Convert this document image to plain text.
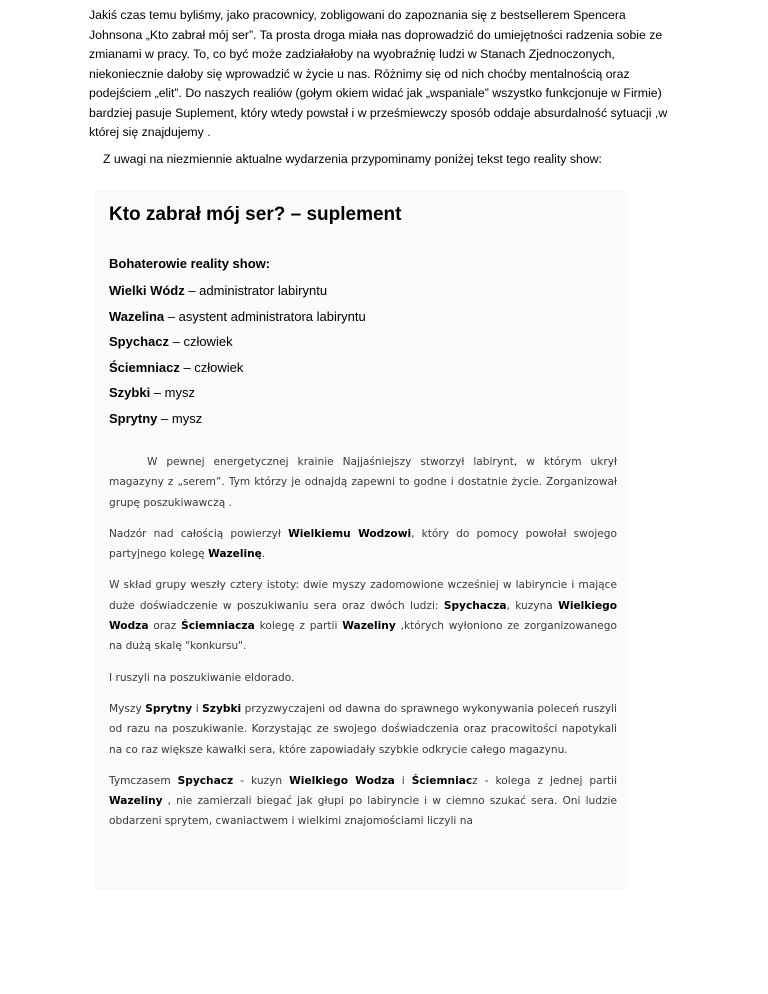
Jakiś czas temu byliśmy, jako pracownicy, zobligowani do zapoznania się z bestsellerem Spencera Johnsona „Kto zabrał mój ser”. Ta prosta droga miała nas doprowadzić do umiejętności radzenia sobie ze zmianami w pracy. To, co być może zadziałałoby na wyobraźnię ludzi w Stanach Zjednoczonych, niekoniecznie dałoby się wprowadzić w życie u nas. Różnimy się od nich choćby mentalnością oraz podejściem „elit”. Do naszych realiów (gołym okiem widać jak „wspaniale” wszystko funkcjonuje w Firmie) bardziej pasuje Suplement, który wtedy powstał i w prześmiewczy sposób oddaje absurdalność sytuacji ,w której się znajdujemy .

Z uwagi na niezmiennie aktualne wydarzenia przypominamy poniżej tekst tego reality show:

Kto zabrał mój ser? – suplement
Bohaterowie reality show:
Wielki Wódz – administrator labiryntu
Wazelina – asystent administratora labiryntu
Spychacz – człowiek
Ściemniacz – człowiek
Szybki – mysz
Sprytny – mysz

W pewnej energetycznej krainie Najjaśniejszy stworzył labirynt, w którym ukrył magazyny z „serem”. Tym którzy je odnajdą zapewni to godne i dostatnie życie. Zorganizował grupę poszukiwawczą .

Nadzór nad całością powierzył Wielkiemu Wodzowi, który do pomocy powołał swojego partyjnego kolegę Wazelinę.

W skład grupy weszły cztery istoty: dwie myszy zadomowione wcześniej w labiryncie i mające duże doświadczenie w poszukiwaniu sera oraz dwóch ludzi: Spychacza, kuzyna Wielkiego Wodza oraz Ściemniacza kolegę z partii Wazeliny ,których wyłoniono ze zorganizowanego na dużą skalę "konkursu".

I ruszyli na poszukiwanie eldorado.

Myszy Sprytny i Szybki przyzwyczajeni od dawna do sprawnego wykonywania poleceń ruszyli od razu na poszukiwanie. Korzystając ze swojego doświadczenia oraz pracowitości napotykali na co raz większe kawałki sera, które zapowiadały szybkie odkrycie całego magazynu.

Tymczasem Spychacz - kuzyn Wielkiego Wodza i Ściemniacz - kolega z jednej partii Wazeliny , nie zamierzali biegać jak głupi po labiryncie i w ciemno szukać sera. Oni ludzie obdarzeni sprytem, cwaniactwem i wielkimi znajomościami liczyli na
